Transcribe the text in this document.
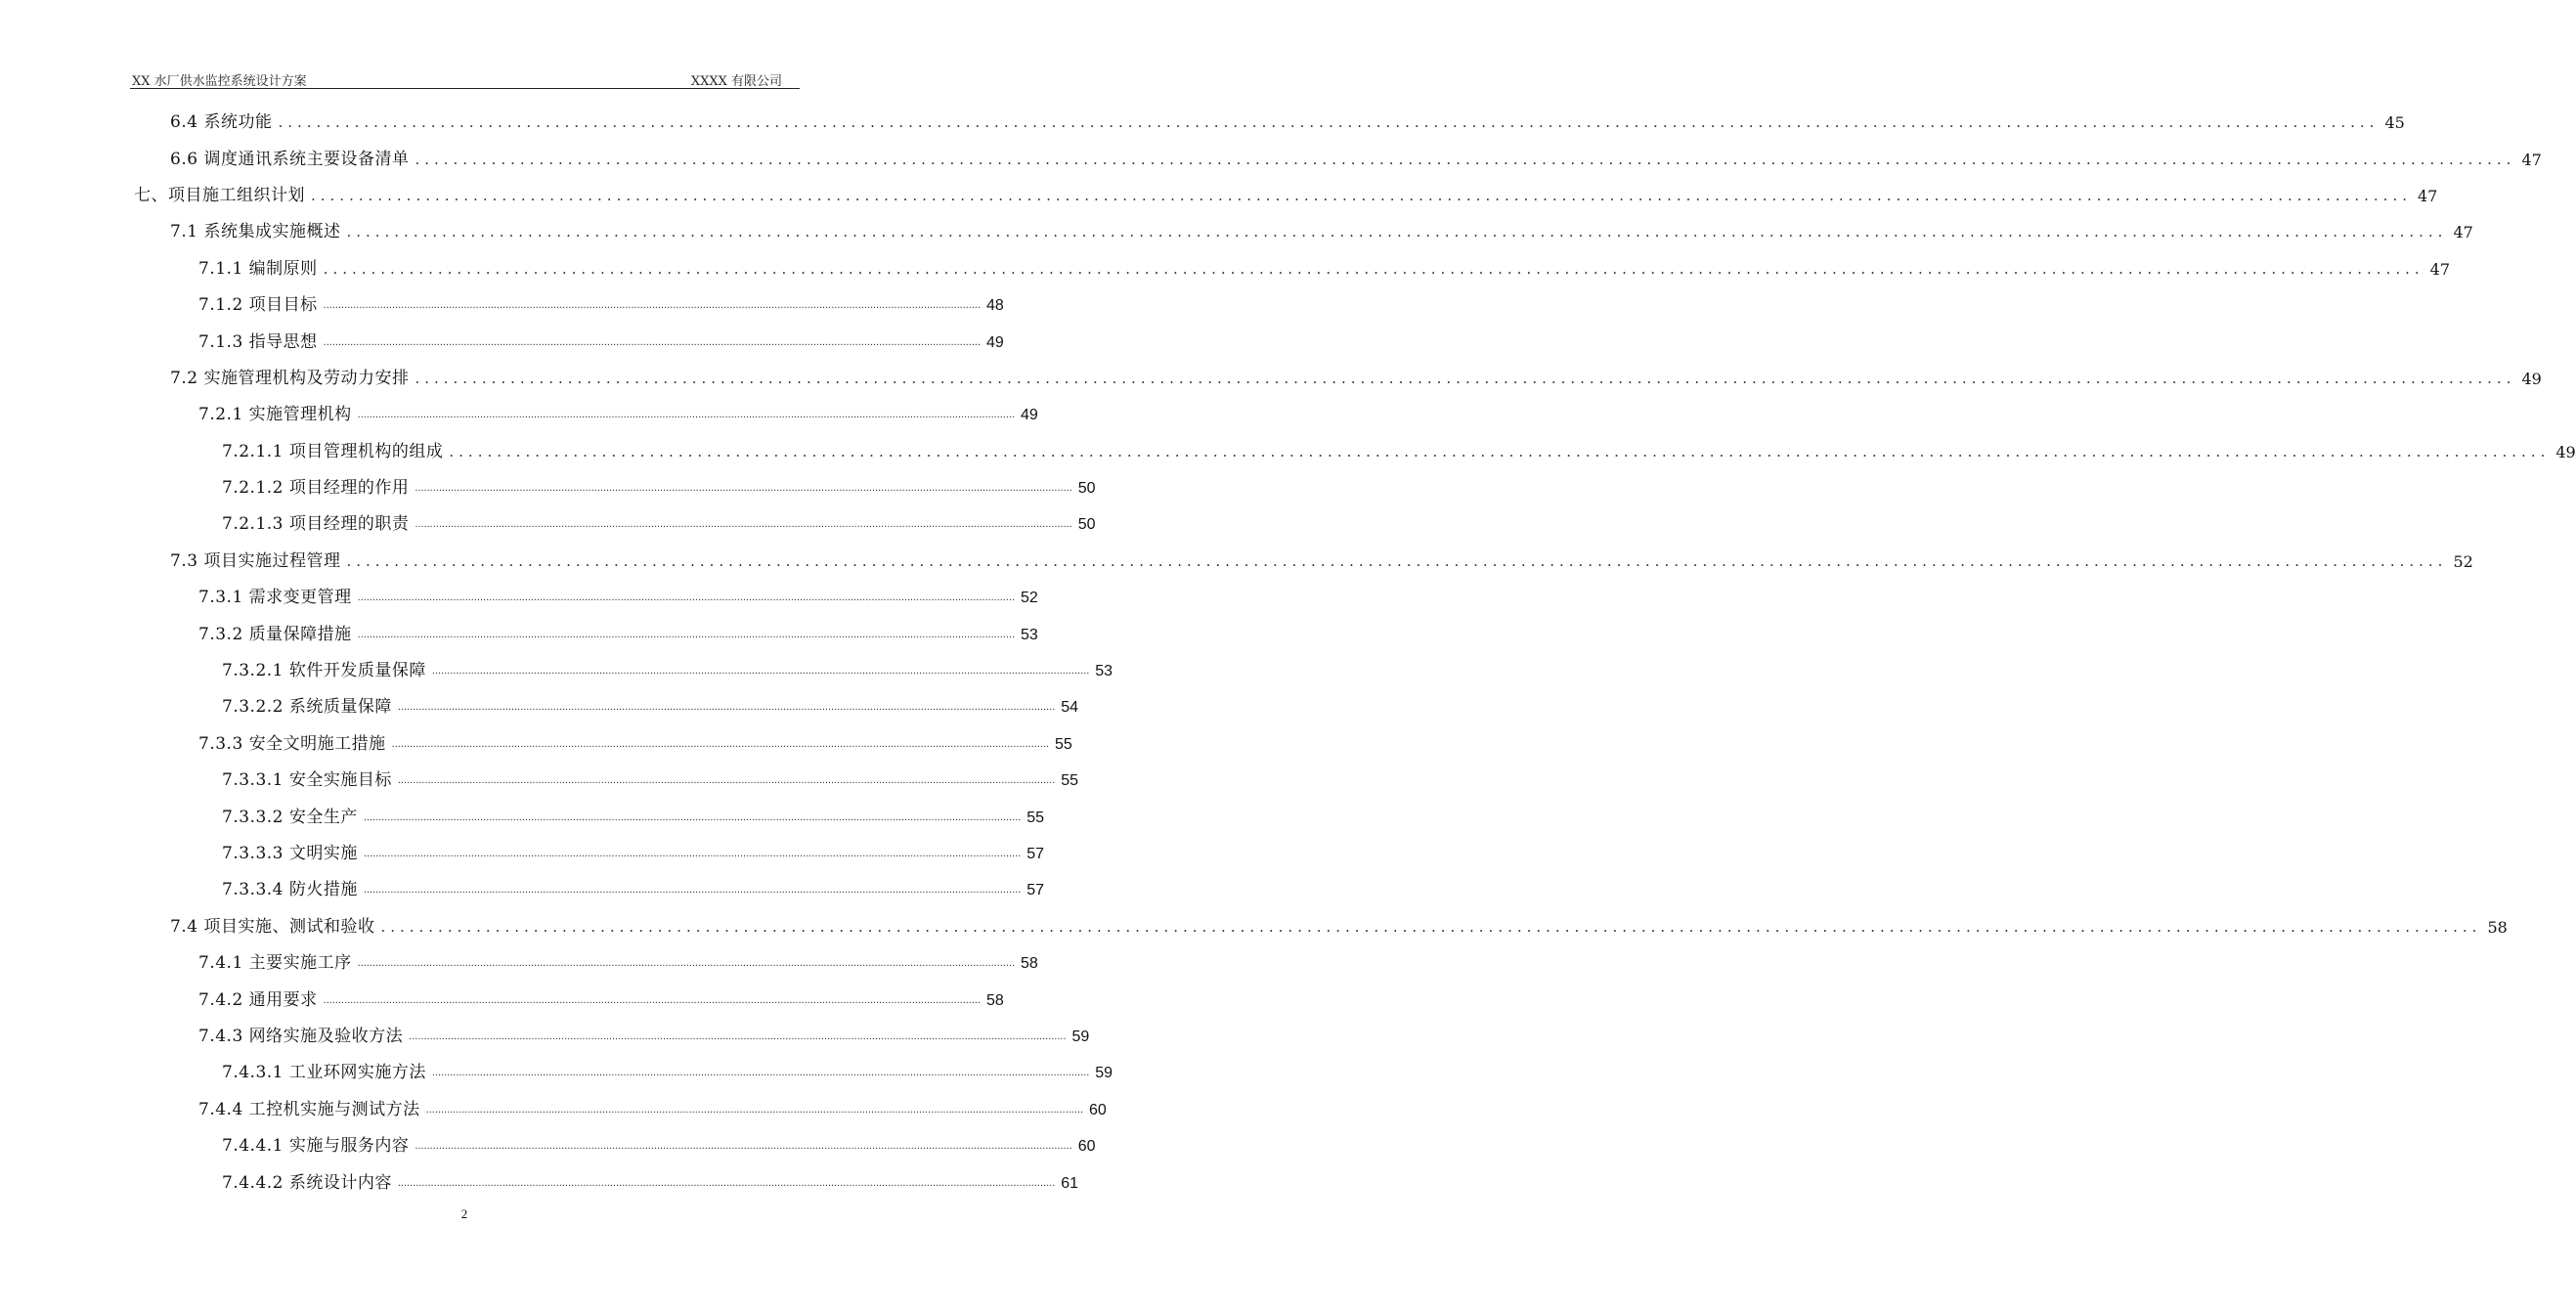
XX 水厂供水监控系统设计方案	XXXX 有限公司
6.4 系统功能 ............................................................................................................................................................................................................................ 45
6.6 调度通讯系统主要设备清单 ............................................................................................................................................................................................................................ 47
七、项目施工组织计划 ............................................................................................................................................................................................................................ 47
7.1 系统集成实施概述 ............................................................................................................................................................................................................................ 47
7.1.1 编制原则 ............................................................................................................................................................................................................................ 47
7.1.2 项目目标 ............................................................................................................................................................................................................................ 48
7.1.3 指导思想 ............................................................................................................................................................................................................................ 49
7.2 实施管理机构及劳动力安排 ............................................................................................................................................................................................................................ 49
7.2.1 实施管理机构 ............................................................................................................................................................................................................................ 49
7.2.1.1 项目管理机构的组成 ............................................................................................................................................................................................................................ 49
7.2.1.2 项目经理的作用 ............................................................................................................................................................................................................................ 50
7.2.1.3 项目经理的职责 ............................................................................................................................................................................................................................ 50
7.3 项目实施过程管理 ............................................................................................................................................................................................................................ 52
7.3.1 需求变更管理 ............................................................................................................................................................................................................................ 52
7.3.2 质量保障措施 ............................................................................................................................................................................................................................ 53
7.3.2.1 软件开发质量保障 ............................................................................................................................................................................................................................ 53
7.3.2.2 系统质量保障 ............................................................................................................................................................................................................................ 54
7.3.3 安全文明施工措施 ............................................................................................................................................................................................................................ 55
7.3.3.1 安全实施目标 ............................................................................................................................................................................................................................ 55
7.3.3.2 安全生产 ............................................................................................................................................................................................................................ 55
7.3.3.3 文明实施 ............................................................................................................................................................................................................................ 57
7.3.3.4 防火措施 ............................................................................................................................................................................................................................ 57
7.4 项目实施、测试和验收 ............................................................................................................................................................................................................................ 58
7.4.1 主要实施工序 ............................................................................................................................................................................................................................ 58
7.4.2 通用要求 ............................................................................................................................................................................................................................ 58
7.4.3 网络实施及验收方法 ............................................................................................................................................................................................................................ 59
7.4.3.1 工业环网实施方法 ............................................................................................................................................................................................................................ 59
7.4.4 工控机实施与测试方法 ............................................................................................................................................................................................................................ 60
7.4.4.1 实施与服务内容 ............................................................................................................................................................................................................................ 60
7.4.4.2 系统设计内容 ............................................................................................................................................................................................................................ 61
2
